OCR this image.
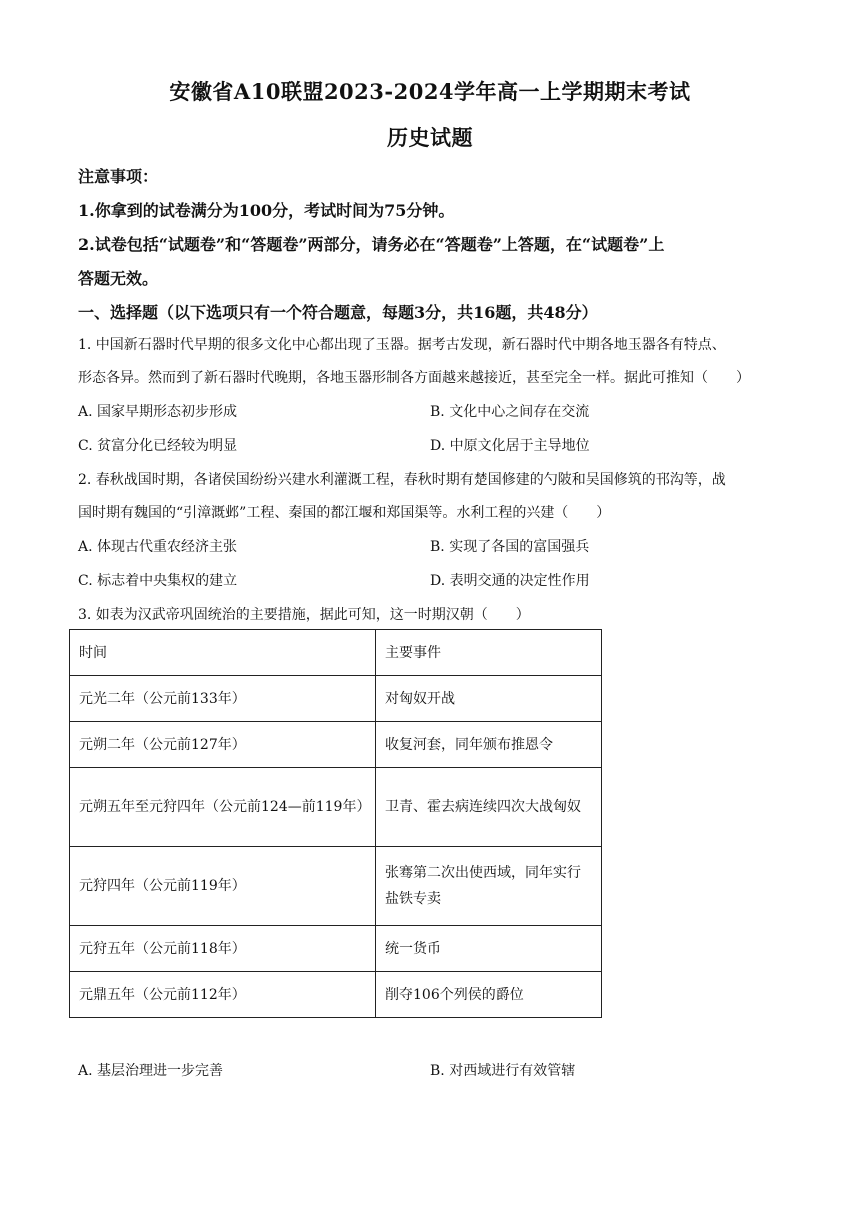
安徽省A10联盟2023-2024学年高一上学期期末考试
历史试题
注意事项：
1.你拿到的试卷满分为100分，考试时间为75分钟。
2.试卷包括“试题卷”和“答题卷”两部分，请务必在“答题卷”上答题，在“试题卷”上
答题无效。
一、选择题（以下选项只有一个符合题意，每题3分，共16题，共48分）
1. 中国新石器时代早期的很多文化中心都出现了玉器。据考古发现，新石器时代中期各地玉器各有特点、
形态各异。然而到了新石器时代晚期，各地玉器形制各方面越来越接近，甚至完全一样。据此可推知（　　）
A. 国家早期形态初步形成	B. 文化中心之间存在交流
C. 贫富分化已经较为明显	D. 中原文化居于主导地位
2. 春秋战国时期，各诸侯国纷纷兴建水利灌溉工程，春秋时期有楚国修建的勺陂和吴国修筑的邗沟等，战
国时期有魏国的“引漳溉邺”工程、秦国的都江堰和郑国渠等。水利工程的兴建（　　）
A. 体现古代重农经济主张	B. 实现了各国的富国强兵
C. 标志着中央集权的建立	D. 表明交通的决定性作用
3. 如表为汉武帝巩固统治的主要措施，据此可知，这一时期汉朝（　　）
时间	主要事件
元光二年（公元前133年）	对匈奴开战
元朔二年（公元前127年）	收复河套，同年颁布推恩令
元朔五年至元狩四年（公元前124—前119年）	卫青、霍去病连续四次大战匈奴
元狩四年（公元前119年）	张骞第二次出使西域，同年实行盐铁专卖
元狩五年（公元前118年）	统一货币
元鼎五年（公元前112年）	削夺106个列侯的爵位
A. 基层治理进一步完善	B. 对西域进行有效管辖
